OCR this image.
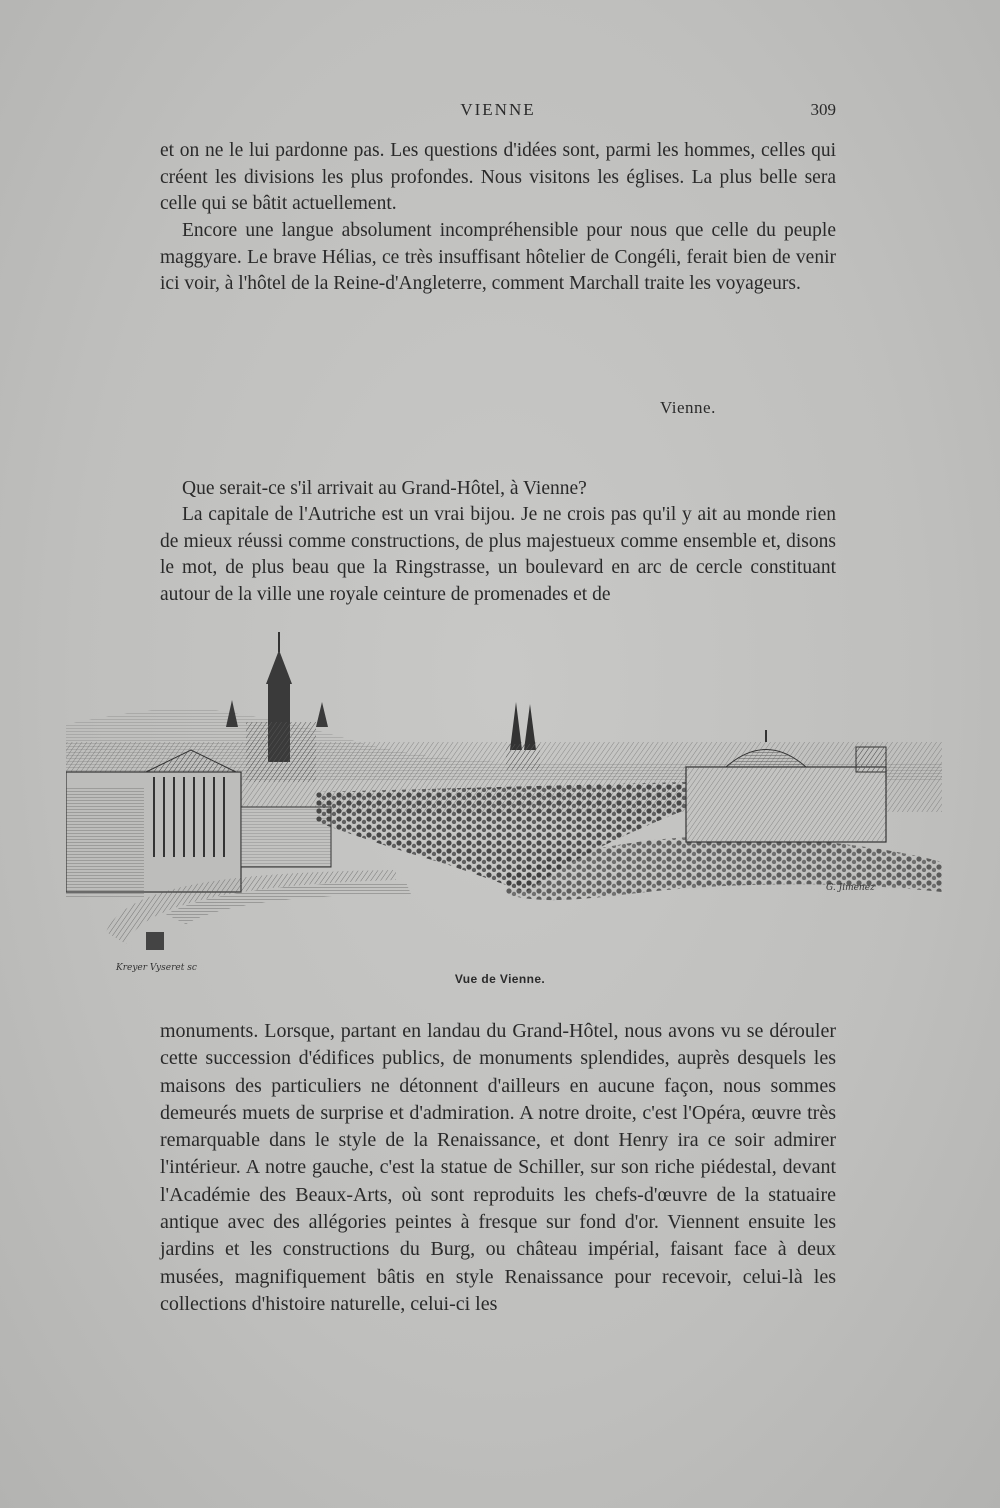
VIENNE	309

et on ne le lui pardonne pas. Les questions d'idées sont, parmi les hommes, celles qui créent les divisions les plus profondes. Nous visitons les églises. La plus belle sera celle qui se bâtit actuellement.

Encore une langue absolument incompréhensible pour nous que celle du peuple maggyare. Le brave Hélias, ce très insuffisant hôtelier de Congéli, ferait bien de venir ici voir, à l'hôtel de la Reine-d'Angleterre, comment Marchall traite les voyageurs.

Vienne.

Que serait-ce s'il arrivait au Grand-Hôtel, à Vienne?

La capitale de l'Autriche est un vrai bijou. Je ne crois pas qu'il y ait au monde rien de mieux réussi comme constructions, de plus majestueux comme ensemble et, disons le mot, de plus beau que la Ringstrasse, un boulevard en arc de cercle constituant autour de la ville une royale ceinture de promenades et de

Kreyer Vyseret sc
G. Jimenez
Vue de Vienne.

monuments. Lorsque, partant en landau du Grand-Hôtel, nous avons vu se dérouler cette succession d'édifices publics, de monuments splendides, auprès desquels les maisons des particuliers ne détonnent d'ailleurs en aucune façon, nous sommes demeurés muets de surprise et d'admiration. A notre droite, c'est l'Opéra, œuvre très remarquable dans le style de la Renaissance, et dont Henry ira ce soir admirer l'intérieur. A notre gauche, c'est la statue de Schiller, sur son riche piédestal, devant l'Académie des Beaux-Arts, où sont reproduits les chefs-d'œuvre de la statuaire antique avec des allégories peintes à fresque sur fond d'or. Viennent ensuite les jardins et les constructions du Burg, ou château impérial, faisant face à deux musées, magnifiquement bâtis en style Renaissance pour recevoir, celui-là les collections d'histoire naturelle, celui-ci les
